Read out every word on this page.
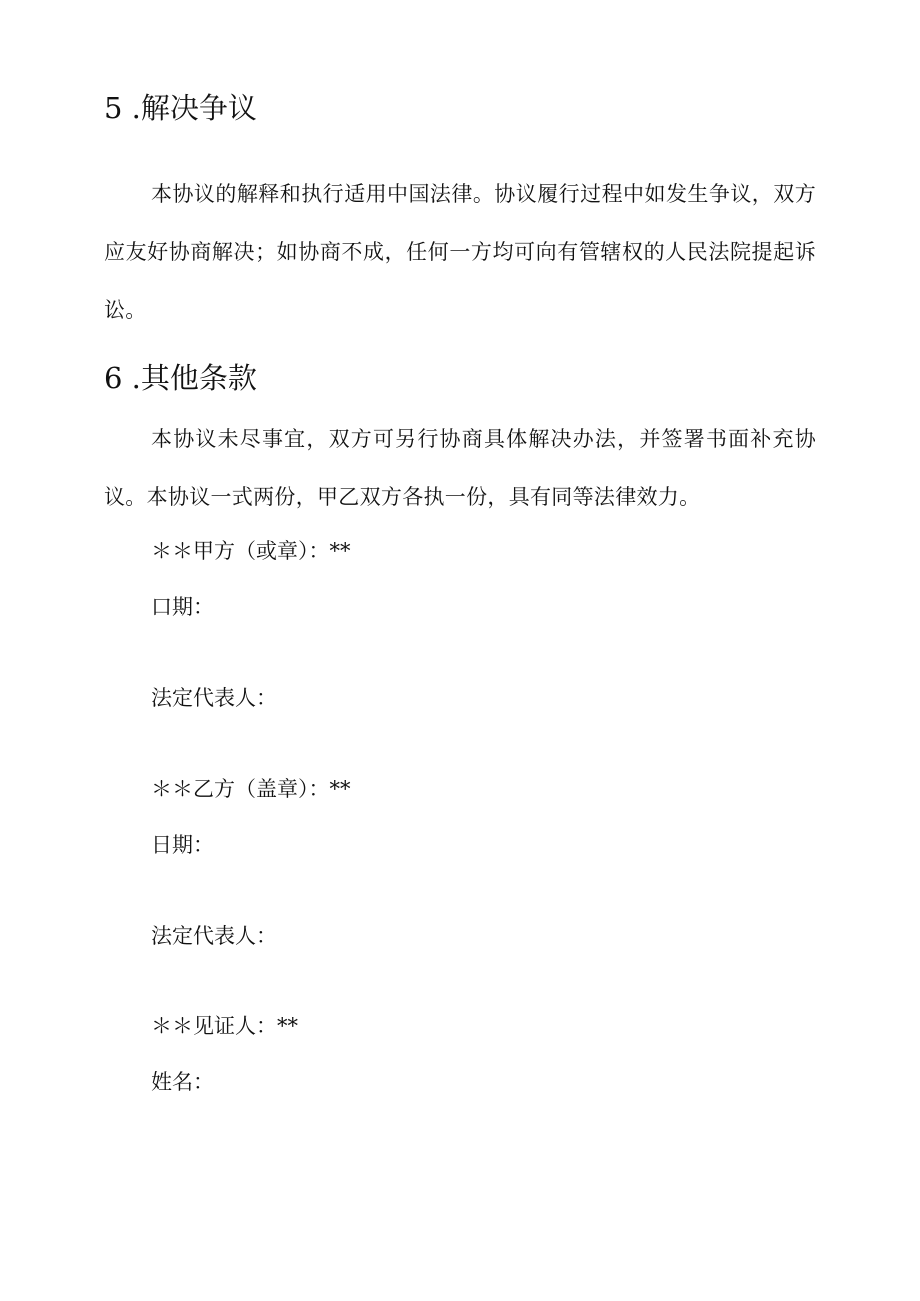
5 .解决争议

本协议的解释和执行适用中国法律。协议履行过程中如发生争议，双方应友好协商解决；如协商不成，任何一方均可向有管辖权的人民法院提起诉讼。

6 .其他条款

本协议未尽事宜，双方可另行协商具体解决办法，并签署书面补充协议。本协议一式两份，甲乙双方各执一份，具有同等法律效力。

＊＊甲方（或章）：**
口期：
法定代表人：
＊＊乙方（盖章）：**
日期：
法定代表人：
＊＊见证人：**
姓名：
